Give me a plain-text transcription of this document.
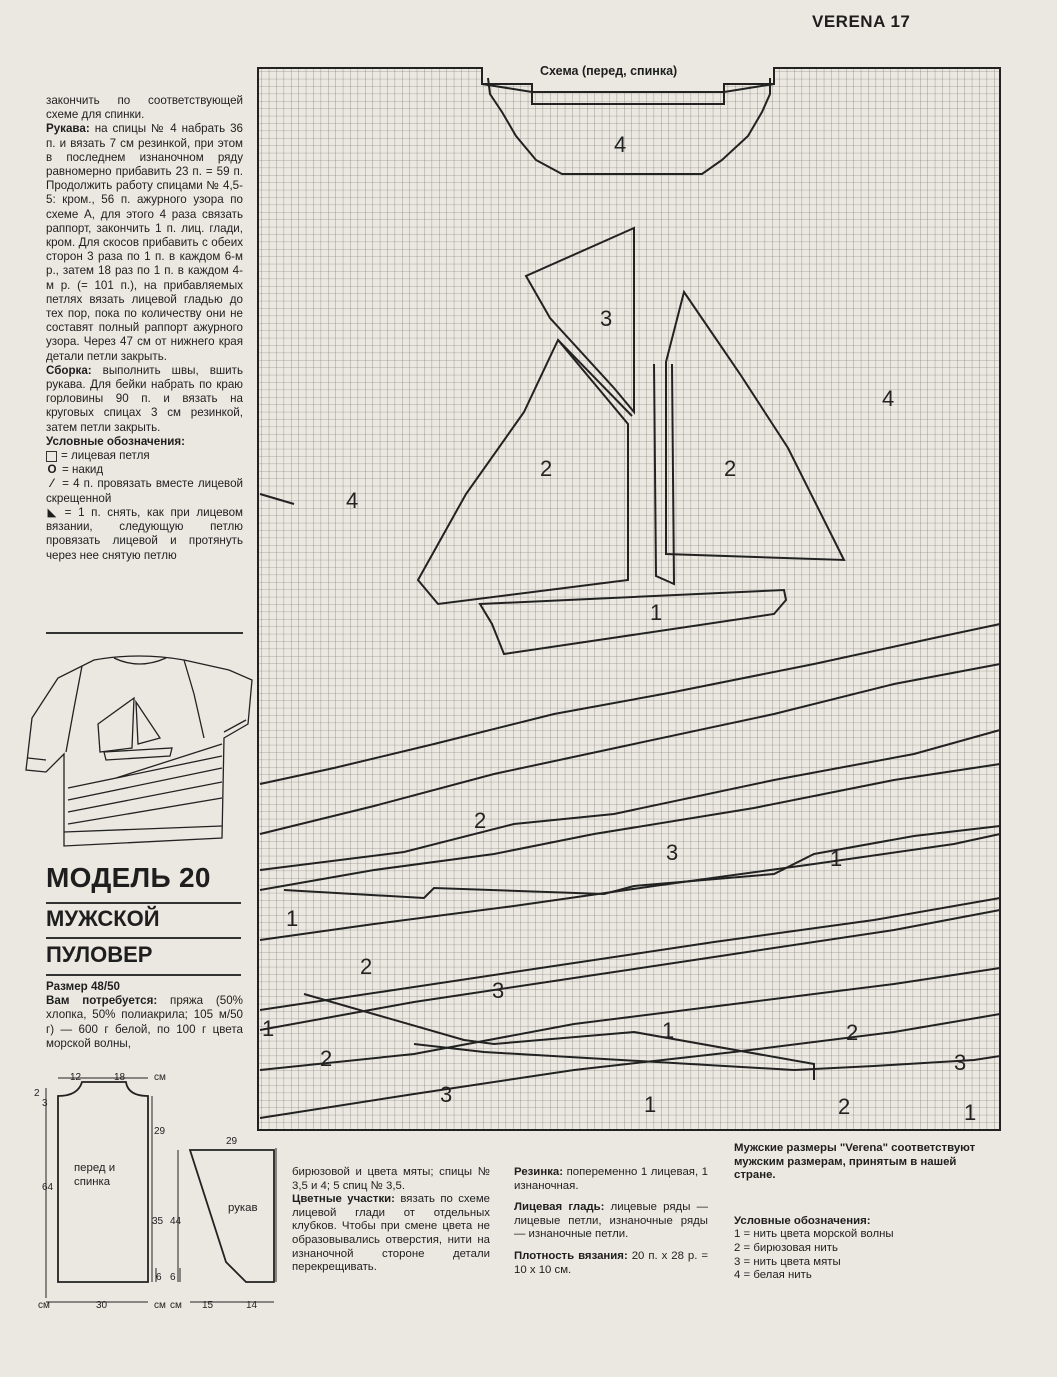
VERENA 17

закончить по соответствующей схеме для спинки.

Рукава: на спицы № 4 набрать 36 п. и вязать 7 см резинкой, при этом в последнем изнаночном ряду равномерно прибавить 23 п. = 59 п. Продолжить работу спицами № 4,5-5: кром., 56 п. ажурного узора по схеме А, для этого 4 раза связать раппорт, закончить 1 п. лиц. глади, кром. Для скосов прибавить с обеих сторон 3 раза по 1 п. в каждом 6-м р., затем 18 раз по 1 п. в каждом 4-м р. (= 101 п.), на прибавляемых петлях вязать лицевой гладью до тех пор, пока по количеству они не составят полный раппорт ажурного узора. Через 47 см от нижнего края детали петли закрыть.

Сборка: выполнить швы, вшить рукава. Для бейки набрать по краю горловины 90 п. и вязать на круговых спицах 3 см резинкой, затем петли закрыть.

Условные обозначения:

= лицевая петля
O = накид
⁄ = 4 п. провязать вместе лицевой скрещенной
◣ = 1 п. снять, как при лицевом вязании, следующую петлю провязать лицевой и протянуть через нее снятую петлю
МОДЕЛЬ 20
МУЖСКОЙ
ПУЛОВЕР

Размер 48/50

Вам потребуется: пряжа (50% хлопка, 50% полиакрила; 105 м/50 г) — 600 г белой, по 100 г цвета морской волны,

Схема (перед, спинка)
4
3
2	2
4
4
1
2
3	1
1
2
3
1
2
3
2
1
3
1	2	1
12	18	см
2
3
29
64
35
6 6
см	30	см см
29
44
15	14
перед и спинка
рукав

бирюзовой и цвета мяты; спицы № 3,5 и 4; 5 спиц № 3,5.

Цветные участки: вязать по схеме лицевой глади от отдельных клубков. Чтобы при смене цвета не образовывались отверстия, нити на изнаночной стороне детали перекрещивать.

Резинка: попеременно 1 лицевая, 1 изнаночная.

Лицевая гладь: лицевые ряды — лицевые петли, изнаночные ряды — изнаночные петли.

Плотность вязания: 20 п. x 28 р. = 10 x 10 см.

Мужские размеры "Verena" соответствуют мужским размерам, принятым в нашей стране.

Условные обозначения:

1 = нить цвета морской волны
2 = бирюзовая нить
3 = нить цвета мяты
4 = белая нить
